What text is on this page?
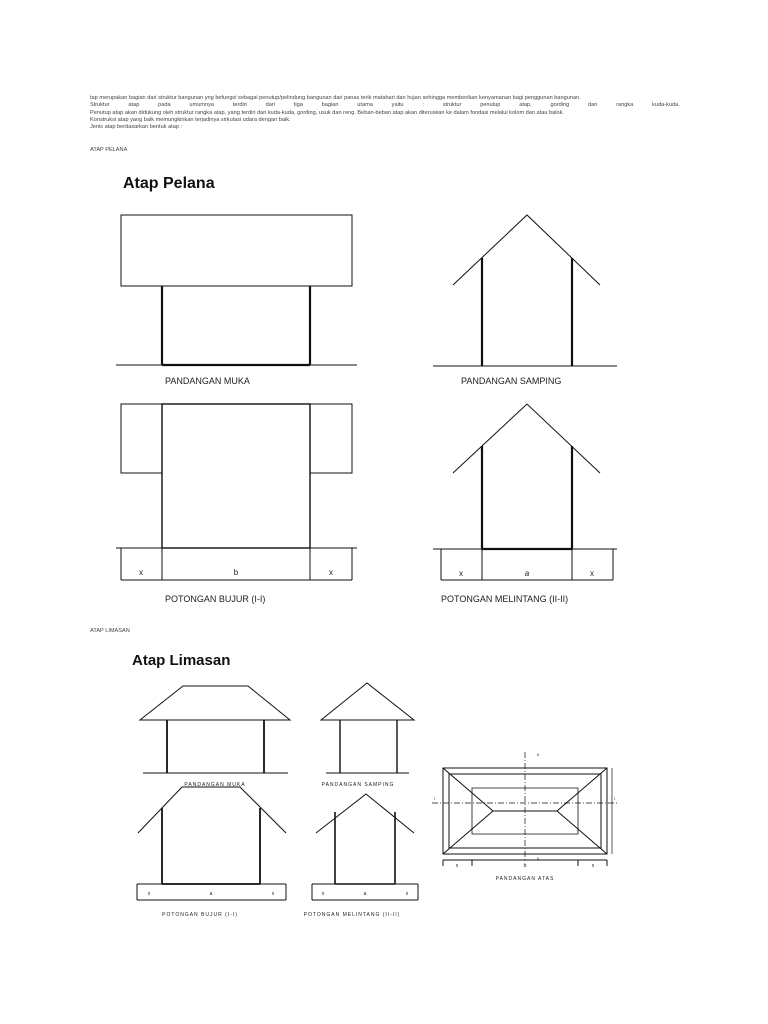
tap merupakan bagian dari struktur bangunan yng befungsi sebagai penutup/pelindung bangunan dari panas terik matahari dan hujan sehingga memberikan kenyamanan bagi penggunan bangunan.

Struktur	atap	pada	umumnya	terdiri	dari	tiga	bagian	utama	yaitu	:	struktur	penutup	atap,	gording	dan	rangka	kuda-kuda.

Penutup atap akan didukung oleh struktur rangka atap, yang terdiri dari kuda-kuda, gording, usuk dan reng. Beban-beban atap akan diteruskan ke dalam fondasi melalui kolom dan atau balok.

Konstruksi atap yang baik memungkinkan terjadinya sirkulasi udara dengan baik.

Jenis atap berdasarkan bentuk atap :

ATAP PELANA
ATAP LIMASAN
Atap Pelana
Atap Limasan
PANDANGAN MUKA	PANDANGAN SAMPING
x	b	x
POTONGAN BUJUR (I-I)
x	a	x
POTONGAN MELINTANG (II-II)
PANDANGAN MUKA	PANDANGAN SAMPING
x	a	x
POTONGAN BUJUR (I-I)
x	a	x
POTONGAN MELINTANG (II-II)
II
II
I	I
x	b	x
PANDANGAN ATAS
